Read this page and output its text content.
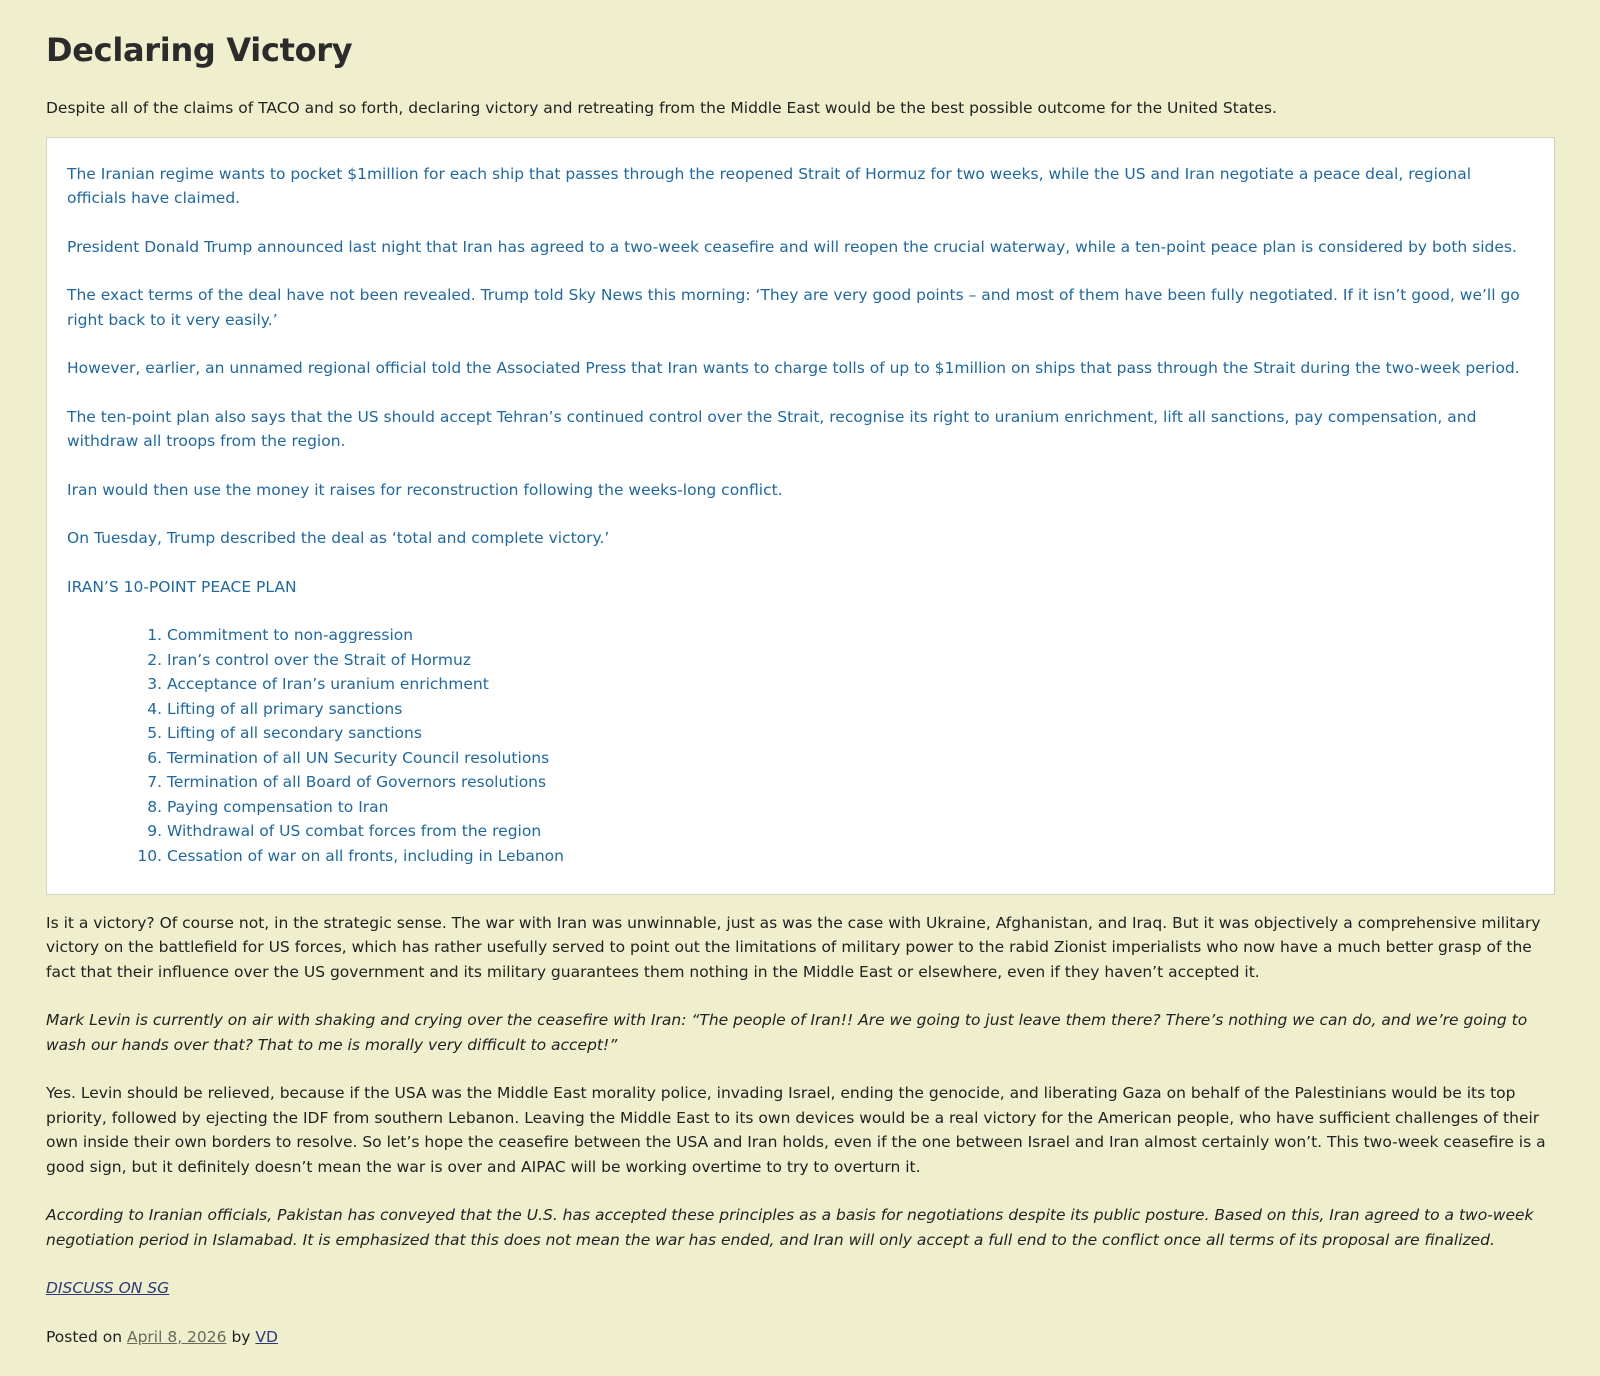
Declaring Victory

Despite all of the claims of TACO and so forth, declaring victory and retreating from the Middle East would be the best possible outcome for the United States.

The Iranian regime wants to pocket $1million for each ship that passes through the reopened Strait of Hormuz for two weeks, while the US and Iran negotiate a peace deal, regional officials have claimed.

President Donald Trump announced last night that Iran has agreed to a two-week ceasefire and will reopen the crucial waterway, while a ten-point peace plan is considered by both sides.

The exact terms of the deal have not been revealed. Trump told Sky News this morning: ‘They are very good points – and most of them have been fully negotiated. If it isn’t good, we’ll go right back to it very easily.’

However, earlier, an unnamed regional official told the Associated Press that Iran wants to charge tolls of up to $1million on ships that pass through the Strait during the two-week period.

The ten-point plan also says that the US should accept Tehran’s continued control over the Strait, recognise its right to uranium enrichment, lift all sanctions, pay compensation, and withdraw all troops from the region.

Iran would then use the money it raises for reconstruction following the weeks-long conflict.

On Tuesday, Trump described the deal as ‘total and complete victory.’

IRAN’S 10-POINT PEACE PLAN

1. Commitment to non-aggression
2. Iran’s control over the Strait of Hormuz
3. Acceptance of Iran’s uranium enrichment
4. Lifting of all primary sanctions
5. Lifting of all secondary sanctions
6. Termination of all UN Security Council resolutions
7. Termination of all Board of Governors resolutions
8. Paying compensation to Iran
9. Withdrawal of US combat forces from the region
10. Cessation of war on all fronts, including in Lebanon

Is it a victory? Of course not, in the strategic sense. The war with Iran was unwinnable, just as was the case with Ukraine, Afghanistan, and Iraq. But it was objectively a comprehensive military victory on the battlefield for US forces, which has rather usefully served to point out the limitations of military power to the rabid Zionist imperialists who now have a much better grasp of the fact that their influence over the US government and its military guarantees them nothing in the Middle East or elsewhere, even if they haven’t accepted it.

Mark Levin is currently on air with shaking and crying over the ceasefire with Iran: “The people of Iran!! Are we going to just leave them there? There’s nothing we can do, and we’re going to wash our hands over that? That to me is morally very difficult to accept!”

Yes. Levin should be relieved, because if the USA was the Middle East morality police, invading Israel, ending the genocide, and liberating Gaza on behalf of the Palestinians would be its top priority, followed by ejecting the IDF from southern Lebanon. Leaving the Middle East to its own devices would be a real victory for the American people, who have sufficient challenges of their own inside their own borders to resolve. So let’s hope the ceasefire between the USA and Iran holds, even if the one between Israel and Iran almost certainly won’t. This two-week ceasefire is a good sign, but it definitely doesn’t mean the war is over and AIPAC will be working overtime to try to overturn it.

According to Iranian officials, Pakistan has conveyed that the U.S. has accepted these principles as a basis for negotiations despite its public posture. Based on this, Iran agreed to a two-week negotiation period in Islamabad. It is emphasized that this does not mean the war has ended, and Iran will only accept a full end to the conflict once all terms of its proposal are finalized.

DISCUSS ON SG

Posted on April 8, 2026 by VD
